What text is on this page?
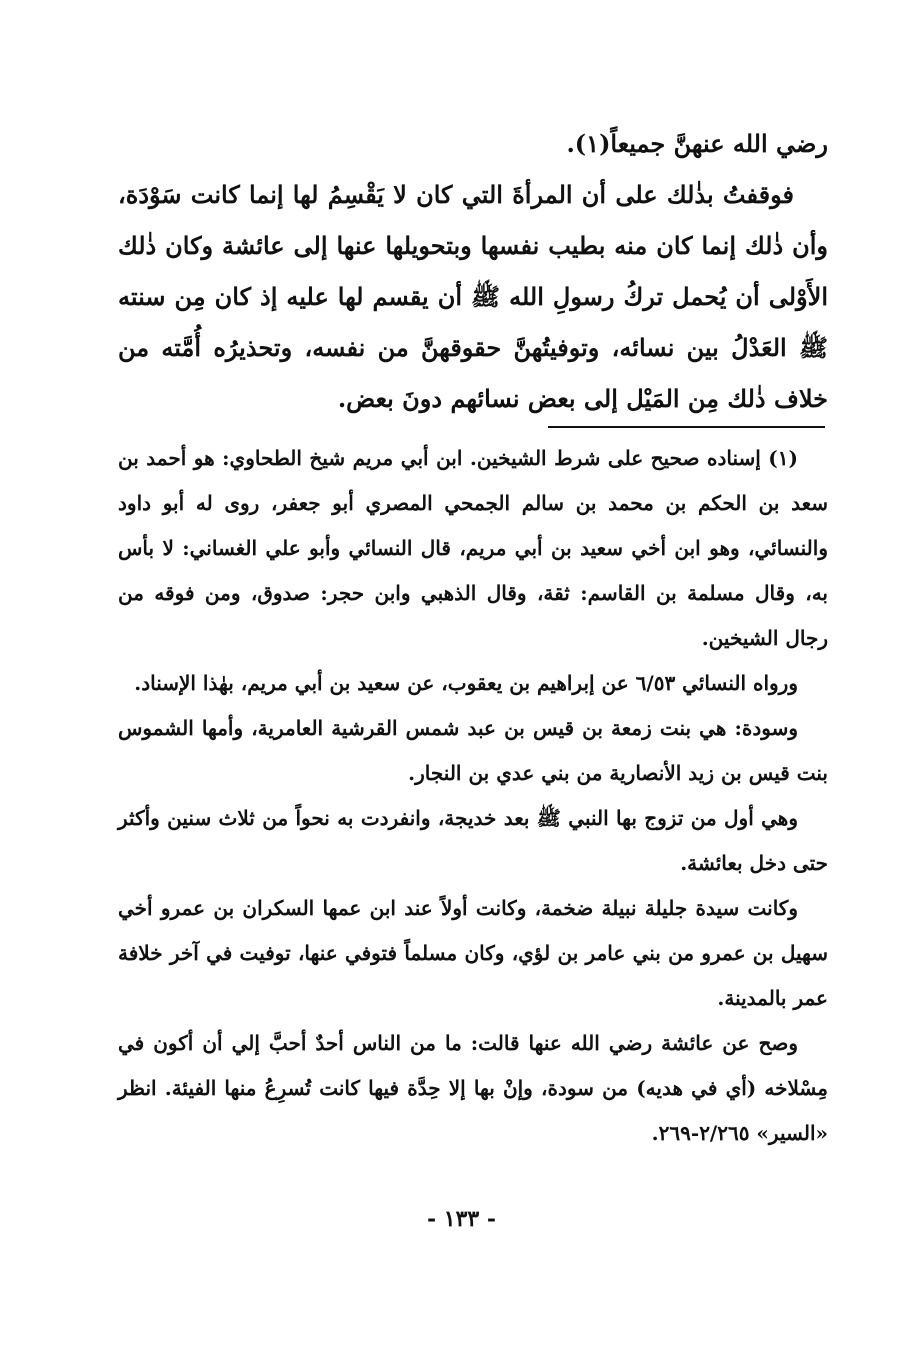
رضي الله عنهنَّ جميعاً(١).

فوقفتُ بذٰلك على أن المرأةَ التي كان لا يَقْسِمُ لها إنما كانت سَوْدَة، وأن ذٰلك إنما كان منه بطيب نفسها وبتحويلها عنها إلى عائشة وكان ذٰلك الأَوْلى أن يُحمل تركُ رسولِ الله ﷺ أن يقسم لها عليه إذ كان مِن سنته ﷺ العَدْلُ بين نسائه، وتوفيتُهنَّ حقوقهنَّ من نفسه، وتحذيرُه أُمَّته من خلاف ذٰلك مِن المَيْل إلى بعض نسائهم دونَ بعض.

(١) إسناده صحيح على شرط الشيخين. ابن أبي مريم شيخ الطحاوي: هو أحمد بن سعد بن الحكم بن محمد بن سالم الجمحي المصري أبو جعفر، روى له أبو داود والنسائي، وهو ابن أخي سعيد بن أبي مريم، قال النسائي وأبو علي الغساني: لا بأس به، وقال مسلمة بن القاسم: ثقة، وقال الذهبي وابن حجر: صدوق، ومن فوقه من رجال الشيخين.

ورواه النسائي ٦/٥٣ عن إبراهيم بن يعقوب، عن سعيد بن أبي مريم، بهٰذا الإسناد.

وسودة: هي بنت زمعة بن قيس بن عبد شمس القرشية العامرية، وأمها الشموس بنت قيس بن زيد الأنصارية من بني عدي بن النجار.

وهي أول من تزوج بها النبي ﷺ بعد خديجة، وانفردت به نحواً من ثلاث سنين وأكثر حتى دخل بعائشة.

وكانت سيدة جليلة نبيلة ضخمة، وكانت أولاً عند ابن عمها السكران بن عمرو أخي سهيل بن عمرو من بني عامر بن لؤي، وكان مسلماً فتوفي عنها، توفيت في آخر خلافة عمر بالمدينة.

وصح عن عائشة رضي الله عنها قالت: ما من الناس أحدٌ أحبَّ إلي أن أكون في مِسْلاخه (أي في هديه) من سودة، وإنْ بها إلا حِدَّة فيها كانت تُسرِعُ منها الفيئة. انظر «السير» ٢/٢٦٥-٢٦٩.

- ١٣٣ -
